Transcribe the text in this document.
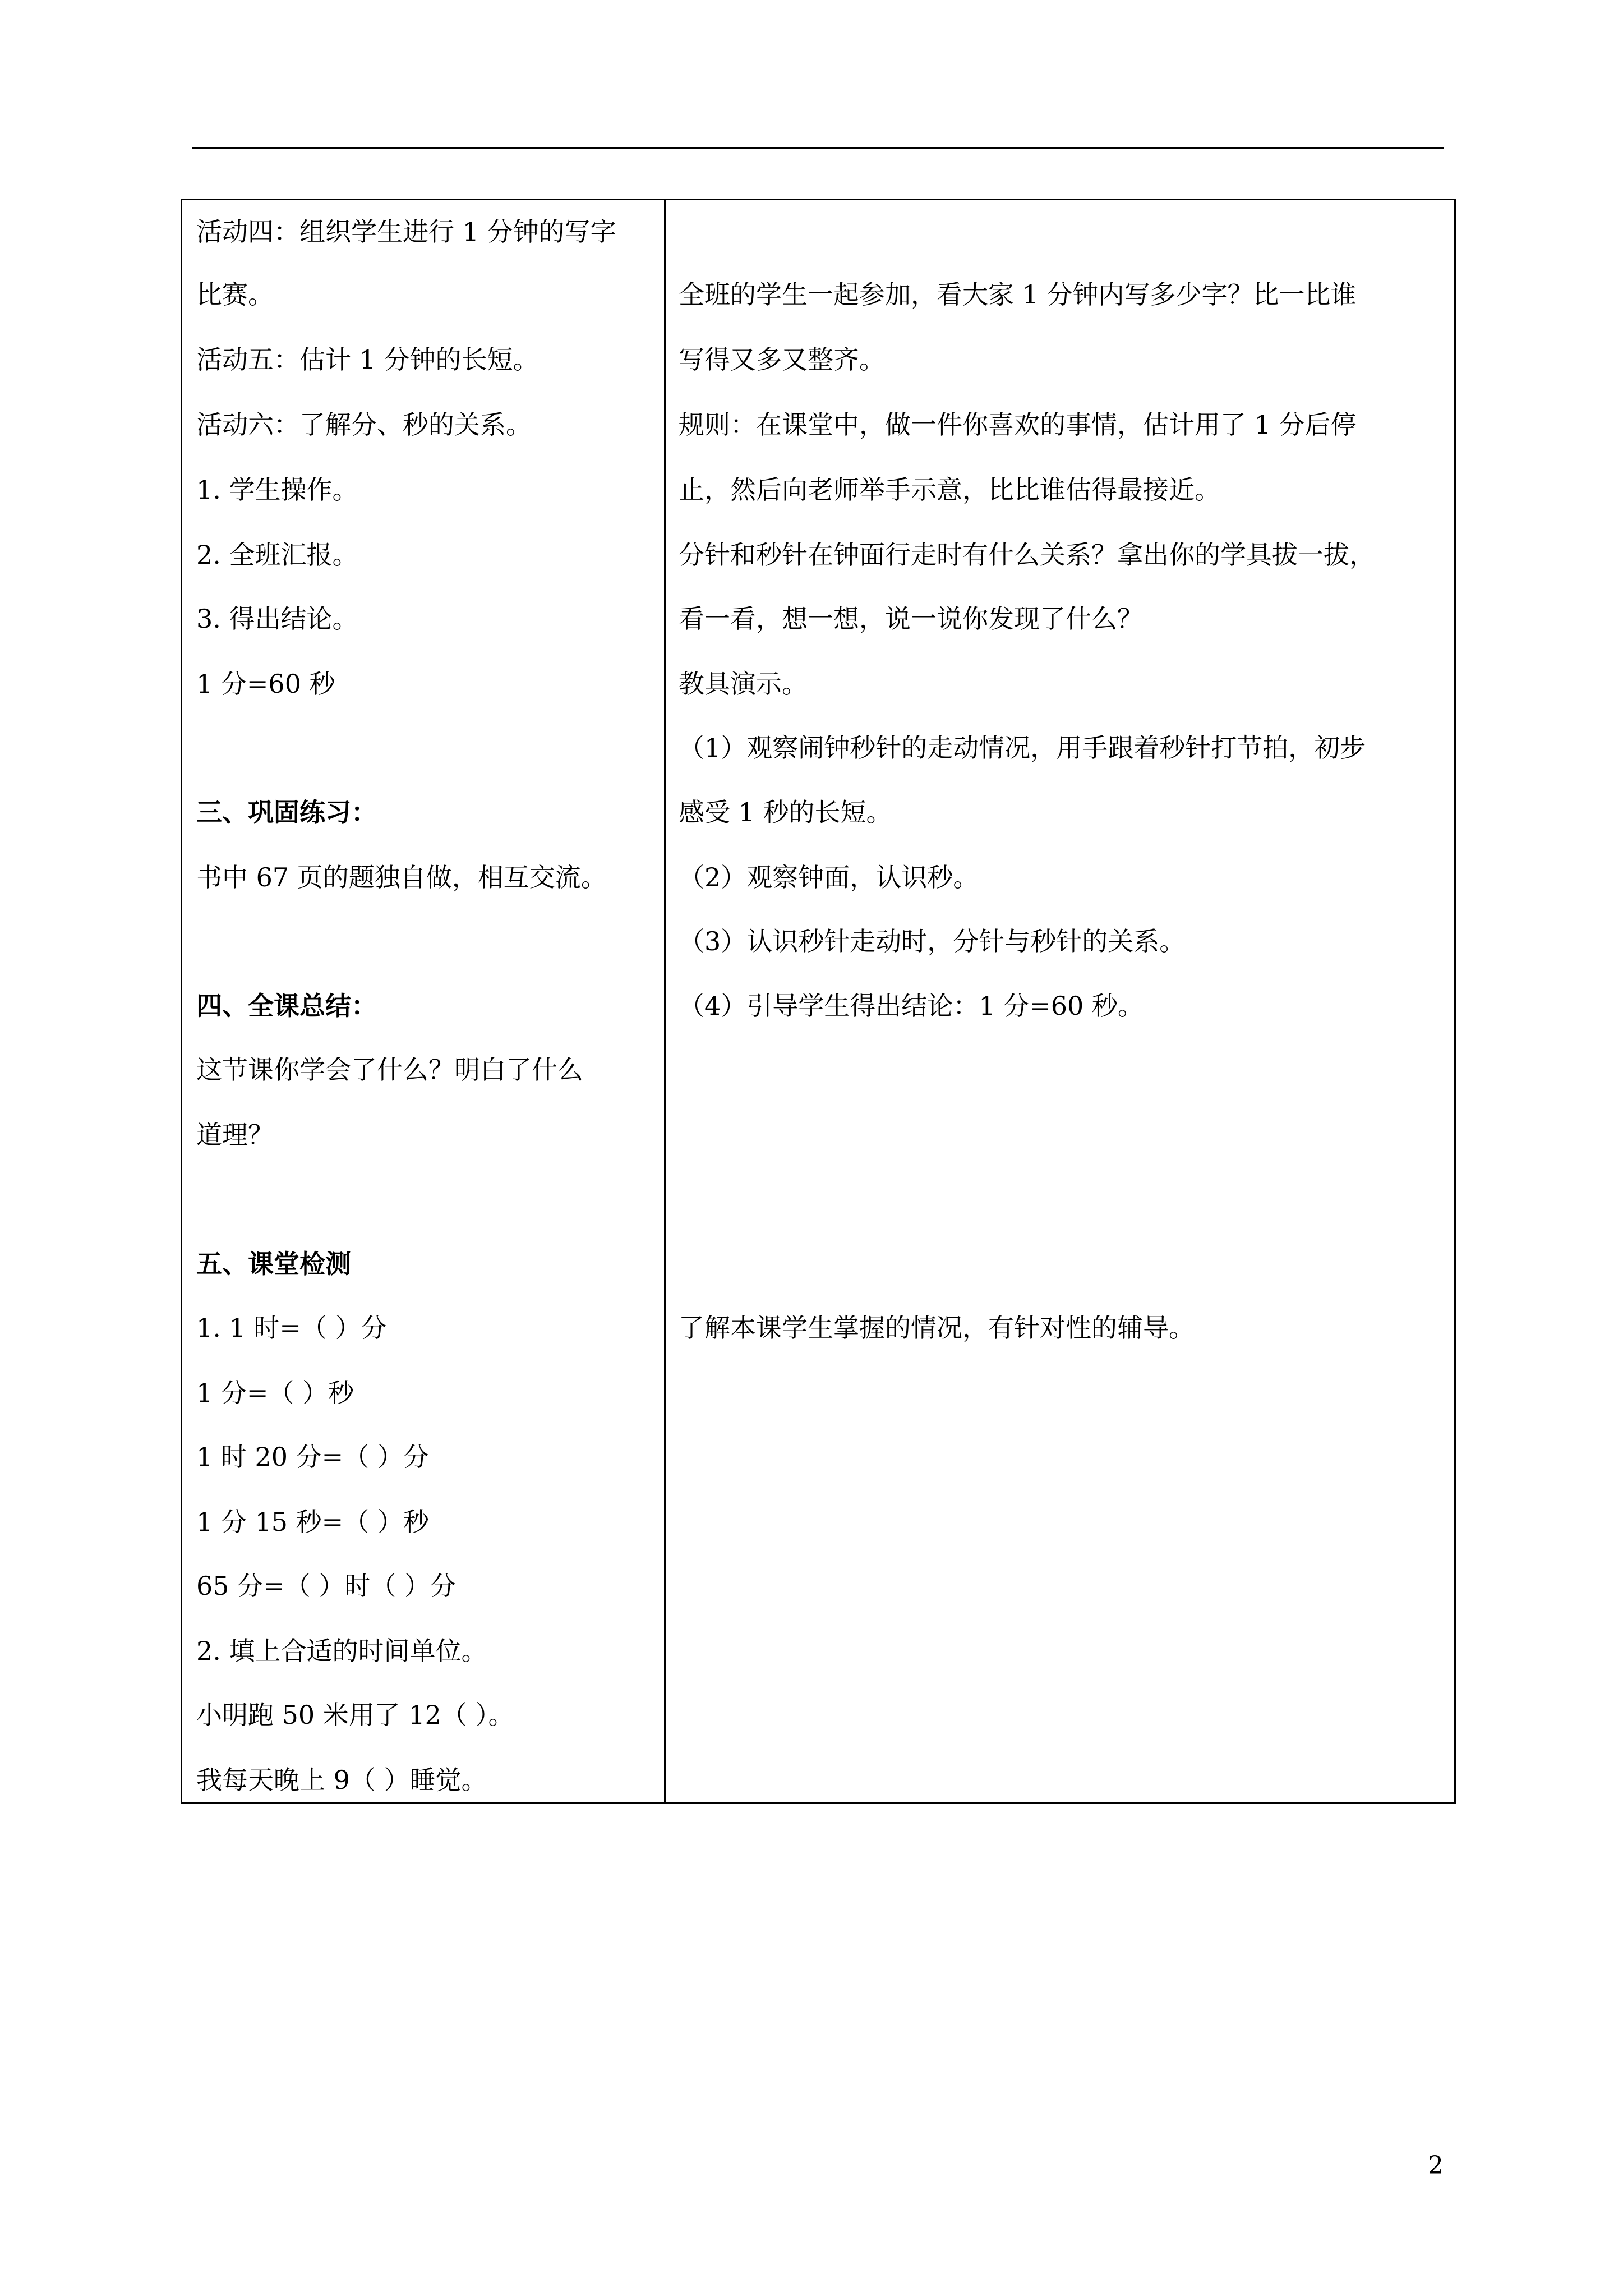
活动四：组织学生进行 1 分钟的写字
比赛。
活动五：估计 1 分钟的长短。
活动六：了解分、秒的关系。
1. 学生操作。
2. 全班汇报。
3. 得出结论。
1 分=60 秒
三、巩固练习：
书中 67 页的题独自做，相互交流。
四、全课总结：
这节课你学会了什么？明白了什么
道理？
五、课堂检测
1. 1 时=（ ）分
1 分=（ ）秒
1 时 20 分=（ ）分
1 分 15 秒=（ ）秒
65 分=（ ）时（ ）分
2. 填上合适的时间单位。
小明跑 50 米用了 12（ ）。
我每天晚上 9（ ）睡觉。
全班的学生一起参加，看大家 1 分钟内写多少字？比一比谁
写得又多又整齐。
规则：在课堂中，做一件你喜欢的事情，估计用了 1 分后停
止，然后向老师举手示意，比比谁估得最接近。
分针和秒针在钟面行走时有什么关系？拿出你的学具拔一拔，
看一看，想一想，说一说你发现了什么？
教具演示。
（1）观察闹钟秒针的走动情况，用手跟着秒针打节拍，初步
感受 1 秒的长短。
（2）观察钟面，认识秒。
（3）认识秒针走动时，分针与秒针的关系。
（4）引导学生得出结论：1 分=60 秒。
了解本课学生掌握的情况，有针对性的辅导。
2
